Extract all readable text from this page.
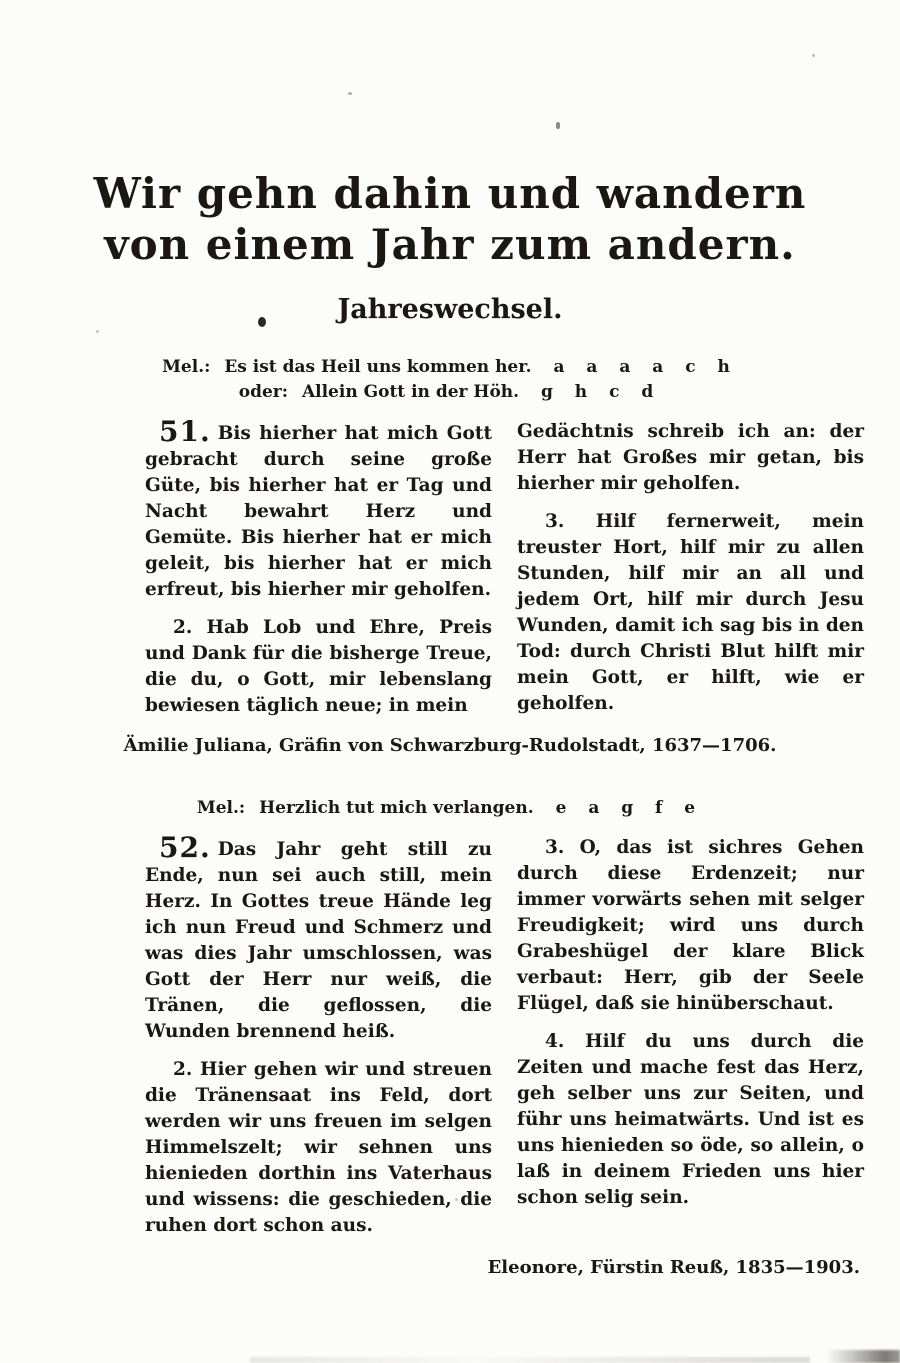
Wir gehn dahin und wandern
von einem Jahr zum andern.
Jahreswechsel.
Mel.: Es ist das Heil uns kommen her. a a a a c h
oder: Allein Gott in der Höh. g h c d

51. Bis hierher hat mich Gott gebracht durch seine große Güte, bis hierher hat er Tag und Nacht bewahrt Herz und Gemüte. Bis hierher hat er mich geleit, bis hierher hat er mich erfreut, bis hierher mir geholfen.

2. Hab Lob und Ehre, Preis und Dank für die bisherge Treue, die du, o Gott, mir lebenslang bewiesen täglich neue; in mein

Gedächtnis schreib ich an: der Herr hat Großes mir getan, bis hierher mir geholfen.

3. Hilf fernerweit, mein treuster Hort, hilf mir zu allen Stunden, hilf mir an all und jedem Ort, hilf mir durch Jesu Wunden, damit ich sag bis in den Tod: durch Christi Blut hilft mir mein Gott, er hilft, wie er geholfen.

Ämilie Juliana, Gräfin von Schwarzburg-Rudolstadt, 1637—1706.
Mel.: Herzlich tut mich verlangen. e a g f e

52. Das Jahr geht still zu Ende, nun sei auch still, mein Herz. In Gottes treue Hände leg ich nun Freud und Schmerz und was dies Jahr umschlossen, was Gott der Herr nur weiß, die Tränen, die geflossen, die Wunden brennend heiß.

2. Hier gehen wir und streuen die Tränensaat ins Feld, dort werden wir uns freuen im selgen Himmelszelt; wir sehnen uns hienieden dorthin ins Vaterhaus und wissens: die geschieden, die ruhen dort schon aus.

3. O, das ist sichres Gehen durch diese Erdenzeit; nur immer vorwärts sehen mit selger Freudigkeit; wird uns durch Grabeshügel der klare Blick verbaut: Herr, gib der Seele Flügel, daß sie hinüberschaut.

4. Hilf du uns durch die Zeiten und mache fest das Herz, geh selber uns zur Seiten, und führ uns heimatwärts. Und ist es uns hienieden so öde, so allein, o laß in deinem Frieden uns hier schon selig sein.

Eleonore, Fürstin Reuß, 1835—1903.
